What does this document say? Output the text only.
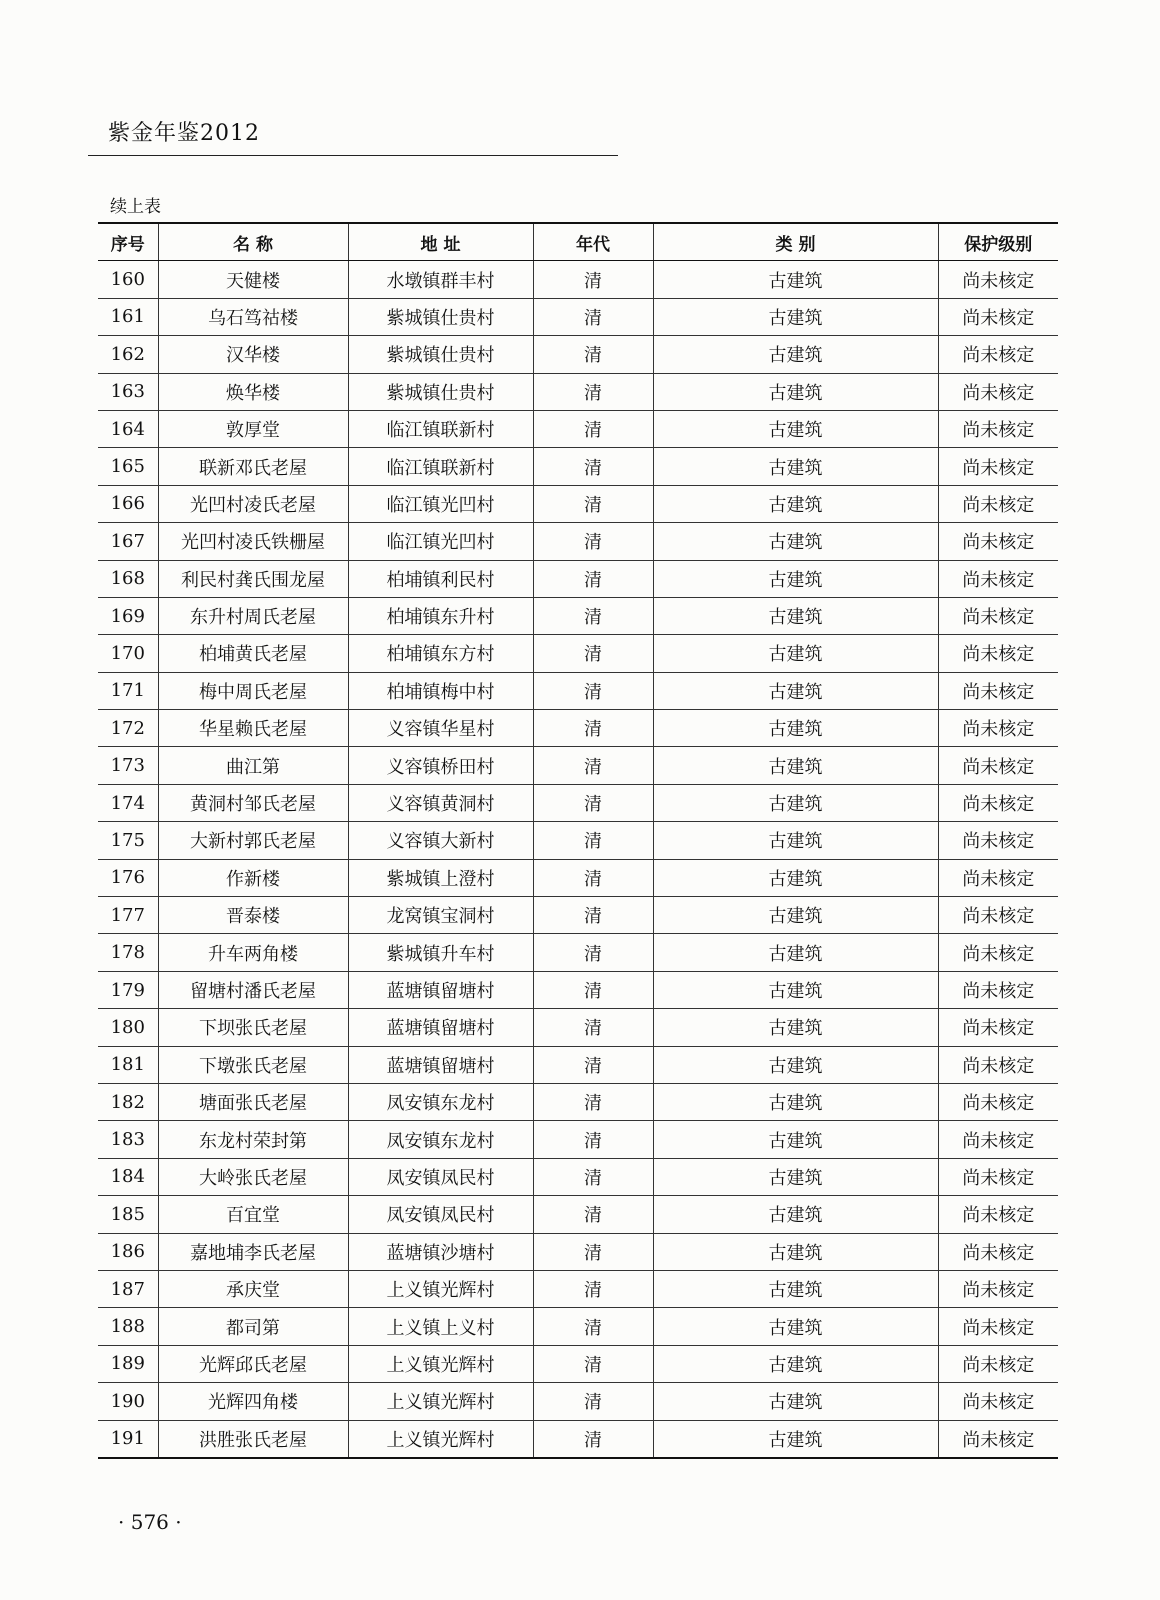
紫金年鉴2012
续上表
序号	名 称	地 址	年代	类 别	保护级别
160	天健楼	水墩镇群丰村	清	古建筑	尚未核定
161	乌石笃祜楼	紫城镇仕贵村	清	古建筑	尚未核定
162	汉华楼	紫城镇仕贵村	清	古建筑	尚未核定
163	焕华楼	紫城镇仕贵村	清	古建筑	尚未核定
164	敦厚堂	临江镇联新村	清	古建筑	尚未核定
165	联新邓氏老屋	临江镇联新村	清	古建筑	尚未核定
166	光凹村凌氏老屋	临江镇光凹村	清	古建筑	尚未核定
167	光凹村凌氏铁栅屋	临江镇光凹村	清	古建筑	尚未核定
168	利民村龚氏围龙屋	柏埔镇利民村	清	古建筑	尚未核定
169	东升村周氏老屋	柏埔镇东升村	清	古建筑	尚未核定
170	柏埔黄氏老屋	柏埔镇东方村	清	古建筑	尚未核定
171	梅中周氏老屋	柏埔镇梅中村	清	古建筑	尚未核定
172	华星赖氏老屋	义容镇华星村	清	古建筑	尚未核定
173	曲江第	义容镇桥田村	清	古建筑	尚未核定
174	黄洞村邹氏老屋	义容镇黄洞村	清	古建筑	尚未核定
175	大新村郭氏老屋	义容镇大新村	清	古建筑	尚未核定
176	作新楼	紫城镇上澄村	清	古建筑	尚未核定
177	晋泰楼	龙窝镇宝洞村	清	古建筑	尚未核定
178	升车两角楼	紫城镇升车村	清	古建筑	尚未核定
179	留塘村潘氏老屋	蓝塘镇留塘村	清	古建筑	尚未核定
180	下坝张氏老屋	蓝塘镇留塘村	清	古建筑	尚未核定
181	下墩张氏老屋	蓝塘镇留塘村	清	古建筑	尚未核定
182	塘面张氏老屋	凤安镇东龙村	清	古建筑	尚未核定
183	东龙村荣封第	凤安镇东龙村	清	古建筑	尚未核定
184	大岭张氏老屋	凤安镇凤民村	清	古建筑	尚未核定
185	百宜堂	凤安镇凤民村	清	古建筑	尚未核定
186	嘉地埔李氏老屋	蓝塘镇沙塘村	清	古建筑	尚未核定
187	承庆堂	上义镇光辉村	清	古建筑	尚未核定
188	都司第	上义镇上义村	清	古建筑	尚未核定
189	光辉邱氏老屋	上义镇光辉村	清	古建筑	尚未核定
190	光辉四角楼	上义镇光辉村	清	古建筑	尚未核定
191	洪胜张氏老屋	上义镇光辉村	清	古建筑	尚未核定
· 576 ·
